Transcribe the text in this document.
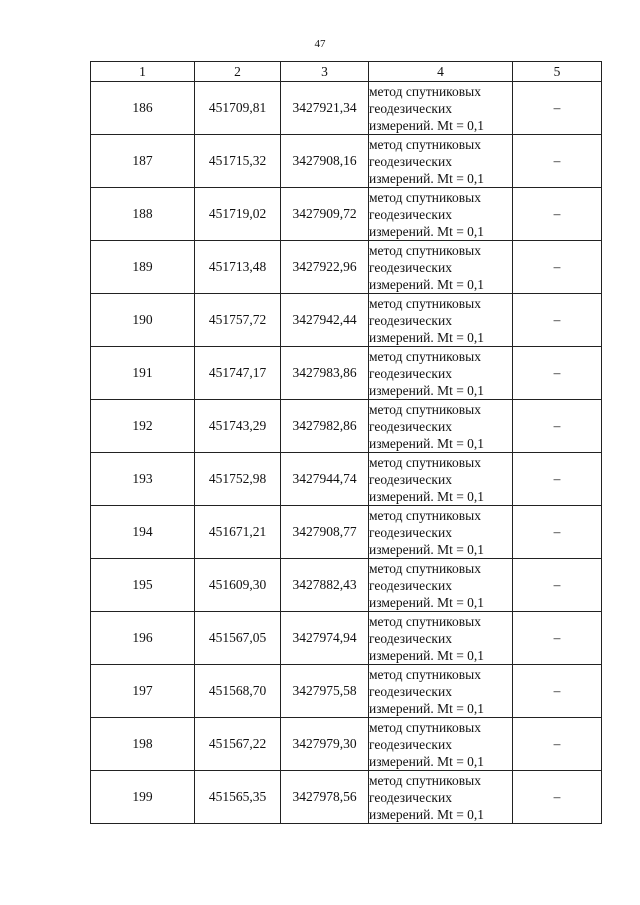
47
1	2	3	4	5
186	451709,81	3427921,34	метод спутниковых
геодезических
измерений. Mt = 0,1	–
187	451715,32	3427908,16	метод спутниковых
геодезических
измерений. Mt = 0,1	–
188	451719,02	3427909,72	метод спутниковых
геодезических
измерений. Mt = 0,1	–
189	451713,48	3427922,96	метод спутниковых
геодезических
измерений. Mt = 0,1	–
190	451757,72	3427942,44	метод спутниковых
геодезических
измерений. Mt = 0,1	–
191	451747,17	3427983,86	метод спутниковых
геодезических
измерений. Mt = 0,1	–
192	451743,29	3427982,86	метод спутниковых
геодезических
измерений. Mt = 0,1	–
193	451752,98	3427944,74	метод спутниковых
геодезических
измерений. Mt = 0,1	–
194	451671,21	3427908,77	метод спутниковых
геодезических
измерений. Mt = 0,1	–
195	451609,30	3427882,43	метод спутниковых
геодезических
измерений. Mt = 0,1	–
196	451567,05	3427974,94	метод спутниковых
геодезических
измерений. Mt = 0,1	–
197	451568,70	3427975,58	метод спутниковых
геодезических
измерений. Mt = 0,1	–
198	451567,22	3427979,30	метод спутниковых
геодезических
измерений. Mt = 0,1	–
199	451565,35	3427978,56	метод спутниковых
геодезических
измерений. Mt = 0,1	–
